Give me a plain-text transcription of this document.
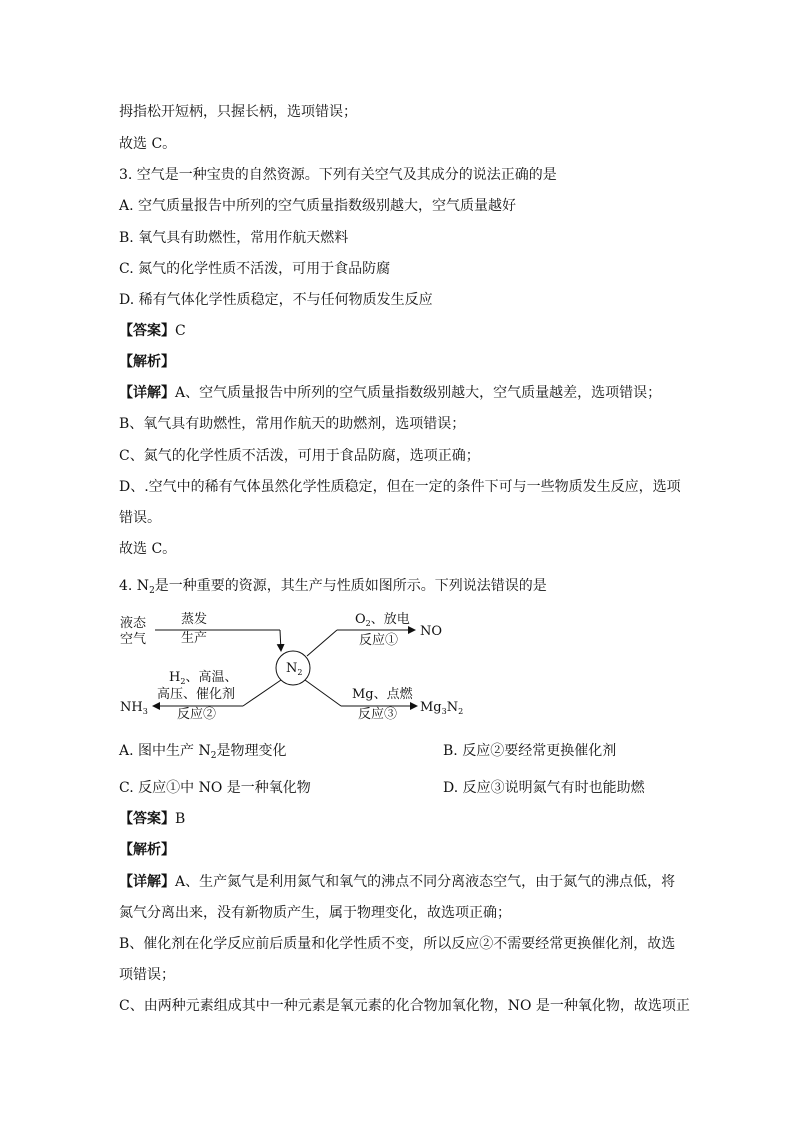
拇指松开短柄，只握长柄，选项错误；
故选 C。
3. 空气是一种宝贵的自然资源。下列有关空气及其成分的说法正确的是
A. 空气质量报告中所列的空气质量指数级别越大，空气质量越好
B. 氧气具有助燃性，常用作航天燃料
C. 氮气的化学性质不活泼，可用于食品防腐
D. 稀有气体化学性质稳定，不与任何物质发生反应
【答案】C
【解析】
【详解】A、空气质量报告中所列的空气质量指数级别越大，空气质量越差，选项错误；
B、氧气具有助燃性，常用作航天的助燃剂，选项错误；
C、氮气的化学性质不活泼，可用于食品防腐，选项正确；
D、.空气中的稀有气体虽然化学性质稳定，但在一定的条件下可与一些物质发生反应，选项
错误。
故选 C。
4. $N_2$是一种重要的资源，其生产与性质如图所示。下列说法错误的是
液态
空气
蒸发
生产
$N_2$
$O_2$、放电
反应①
NO
$H_2$、高温、
高压、催化剂
反应②
$NH_3$
Mg、点燃
反应③ $Mg_3N_2$
A. 图中生产 $N_2$是物理变化	B. 反应②要经常更换催化剂
C. 反应①中 NO 是一种氧化物	D. 反应③说明氮气有时也能助燃
【答案】B
【解析】
【详解】A、生产氮气是利用氮气和氧气的沸点不同分离液态空气，由于氮气的沸点低，将
氮气分离出来，没有新物质产生，属于物理变化，故选项正确；
B、催化剂在化学反应前后质量和化学性质不变，所以反应②不需要经常更换催化剂，故选
项错误；
C、由两种元素组成其中一种元素是氧元素的化合物加氧化物，NO 是一种氧化物，故选项正
